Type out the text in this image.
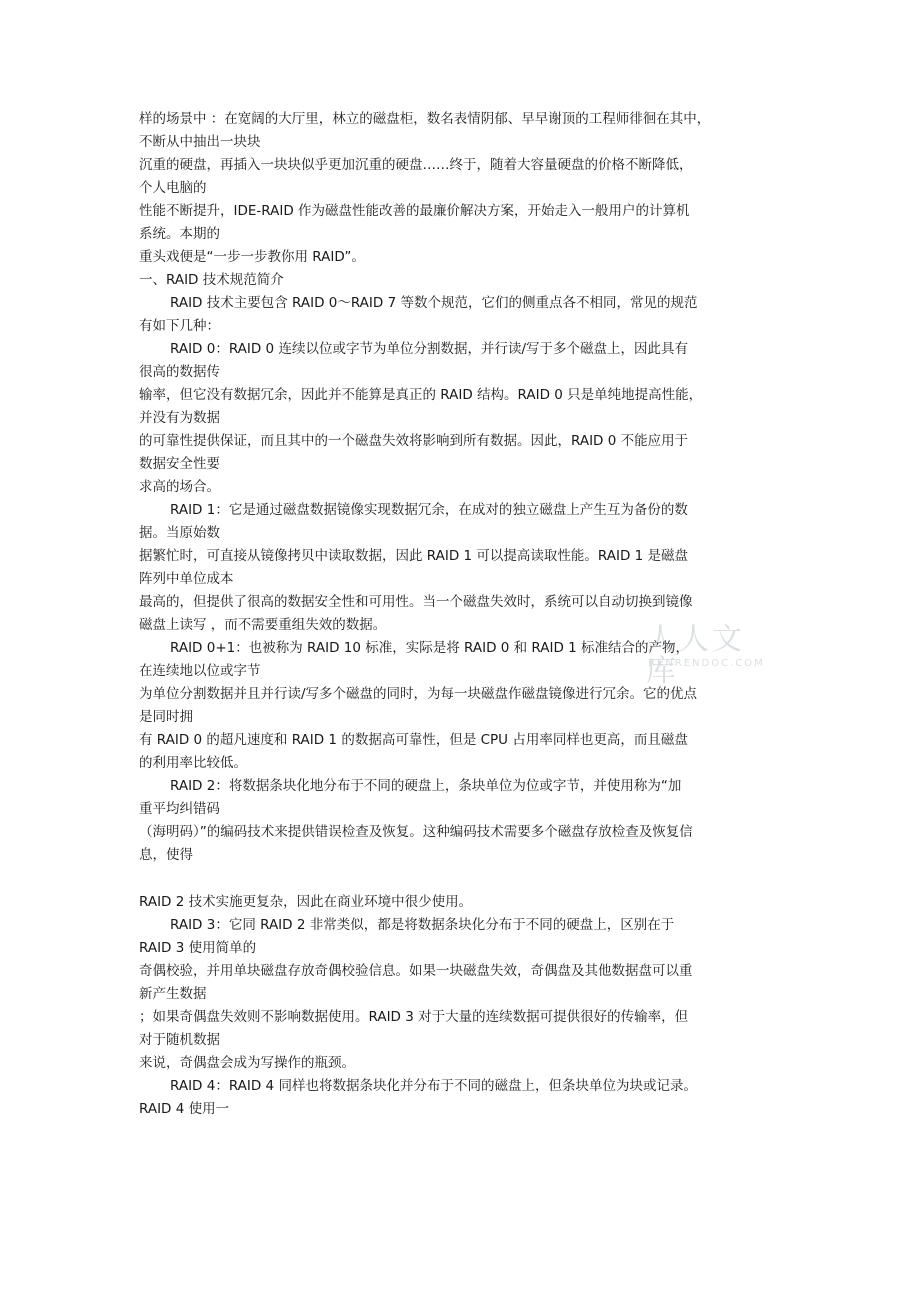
样的场景中 ：在宽阔的大厅里，林立的磁盘柜，数名表情阴郁、早早谢顶的工程师徘徊在其中，
不断从中抽出一块块
沉重的硬盘，再插入一块块似乎更加沉重的硬盘……终于，随着大容量硬盘的价格不断降低，
个人电脑的
性能不断提升，IDE-RAID 作为磁盘性能改善的最廉价解决方案，开始走入一般用户的计算机
系统。本期的
重头戏便是“一步一步教你用 RAID”。
一、RAID 技术规范简介
RAID 技术主要包含 RAID 0～RAID 7 等数个规范，它们的侧重点各不相同，常见的规范
有如下几种：
RAID 0：RAID 0 连续以位或字节为单位分割数据，并行读/写于多个磁盘上，因此具有
很高的数据传
输率，但它没有数据冗余，因此并不能算是真正的 RAID 结构。RAID 0 只是单纯地提高性能，
并没有为数据
的可靠性提供保证，而且其中的一个磁盘失效将影响到所有数据。因此，RAID 0 不能应用于
数据安全性要
求高的场合。
RAID 1：它是通过磁盘数据镜像实现数据冗余，在成对的独立磁盘上产生互为备份的数
据。当原始数
据繁忙时，可直接从镜像拷贝中读取数据，因此 RAID 1 可以提高读取性能。RAID 1 是磁盘
阵列中单位成本
最高的，但提供了很高的数据安全性和可用性。当一个磁盘失效时，系统可以自动切换到镜像
磁盘上读写 ，而不需要重组失效的数据。
RAID 0+1：也被称为 RAID 10 标准，实际是将 RAID 0 和 RAID 1 标准结合的产物，
在连续地以位或字节
为单位分割数据并且并行读/写多个磁盘的同时，为每一块磁盘作磁盘镜像进行冗余。它的优点
是同时拥
有 RAID 0 的超凡速度和 RAID 1 的数据高可靠性，但是 CPU 占用率同样也更高，而且磁盘
的利用率比较低。
RAID 2：将数据条块化地分布于不同的硬盘上，条块单位为位或字节，并使用称为“加
重平均纠错码
（海明码）”的编码技术来提供错误检查及恢复。这种编码技术需要多个磁盘存放检查及恢复信
息，使得
RAID 2 技术实施更复杂，因此在商业环境中很少使用。
RAID 3：它同 RAID 2 非常类似，都是将数据条块化分布于不同的硬盘上，区别在于
RAID 3 使用简单的
奇偶校验，并用单块磁盘存放奇偶校验信息。如果一块磁盘失效，奇偶盘及其他数据盘可以重
新产生数据
；如果奇偶盘失效则不影响数据使用。RAID 3 对于大量的连续数据可提供很好的传输率，但
对于随机数据
来说，奇偶盘会成为写操作的瓶颈。
RAID 4：RAID 4 同样也将数据条块化并分布于不同的磁盘上，但条块单位为块或记录。
RAID 4 使用一
人人文库
RENRENDOC.COM
